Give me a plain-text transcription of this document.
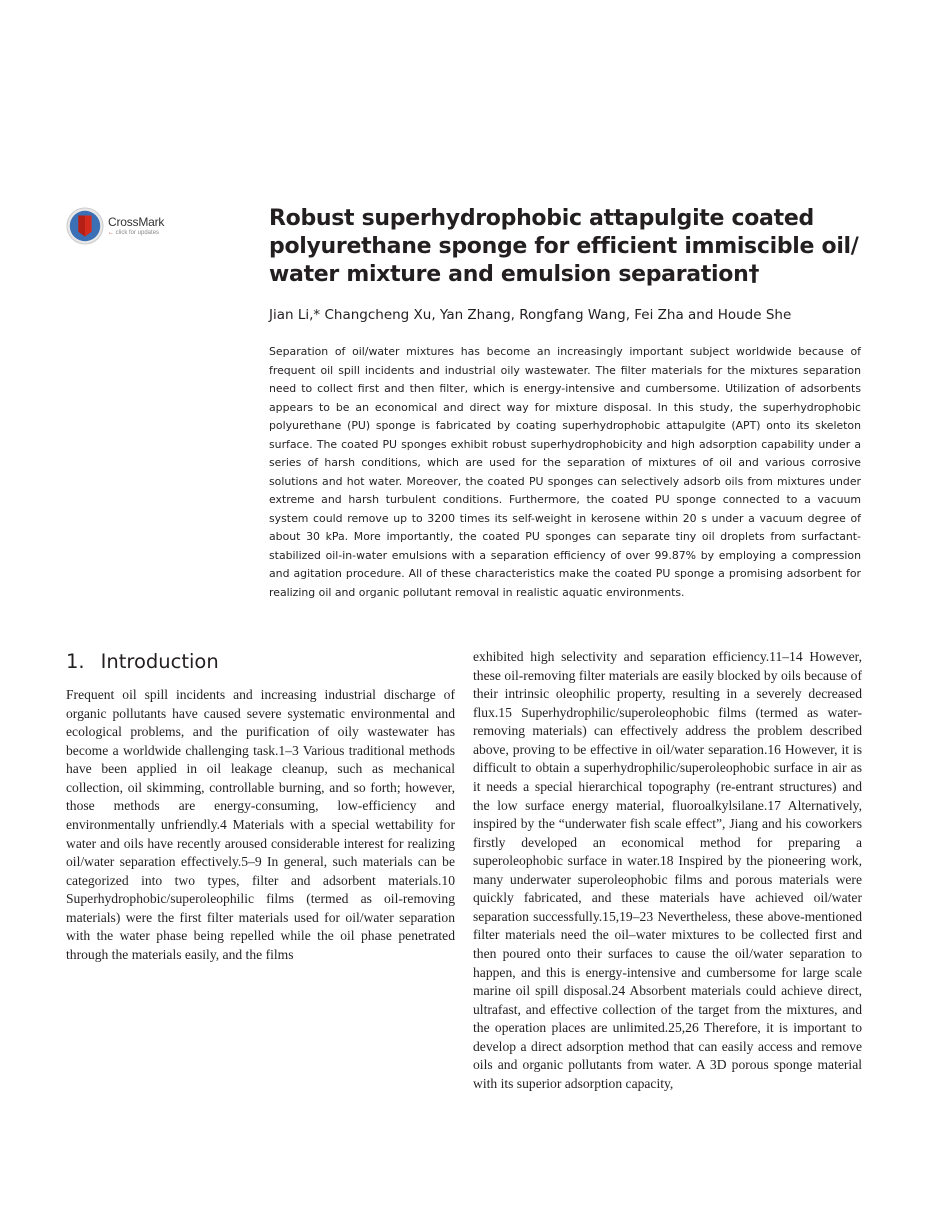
CrossMark
← click for updates
Robust superhydrophobic attapulgite coated polyurethane sponge for efficient immiscible oil/ water mixture and emulsion separation†
Jian Li,* Changcheng Xu, Yan Zhang, Rongfang Wang, Fei Zha and Houde She

Separation of oil/water mixtures has become an increasingly important subject worldwide because of frequent oil spill incidents and industrial oily wastewater. The filter materials for the mixtures separation need to collect first and then filter, which is energy-intensive and cumbersome. Utilization of adsorbents appears to be an economical and direct way for mixture disposal. In this study, the superhydrophobic polyurethane (PU) sponge is fabricated by coating superhydrophobic attapulgite (APT) onto its skeleton surface. The coated PU sponges exhibit robust superhydrophobicity and high adsorption capability under a series of harsh conditions, which are used for the separation of mixtures of oil and various corrosive solutions and hot water. Moreover, the coated PU sponges can selectively adsorb oils from mixtures under extreme and harsh turbulent conditions. Furthermore, the coated PU sponge connected to a vacuum system could remove up to 3200 times its self-weight in kerosene within 20 s under a vacuum degree of about 30 kPa. More importantly, the coated PU sponges can separate tiny oil droplets from surfactant-stabilized oil-in-water emulsions with a separation efficiency of over 99.87% by employing a compression and agitation procedure. All of these characteristics make the coated PU sponge a promising adsorbent for realizing oil and organic pollutant removal in realistic aquatic environments.

1. Introduction

Frequent oil spill incidents and increasing industrial discharge of organic pollutants have caused severe systematic environmental and ecological problems, and the purification of oily wastewater has become a worldwide challenging task.1–3 Various traditional methods have been applied in oil leakage cleanup, such as mechanical collection, oil skimming, controllable burning, and so forth; however, those methods are energy-consuming, low-efficiency and environmentally unfriendly.4 Materials with a special wettability for water and oils have recently aroused considerable interest for realizing oil/water separation effectively.5–9 In general, such materials can be categorized into two types, filter and adsorbent materials.10 Superhydrophobic/superoleophilic films (termed as oil-removing materials) were the first filter materials used for oil/water separation with the water phase being repelled while the oil phase penetrated through the materials easily, and the films

exhibited high selectivity and separation efficiency.11–14 However, these oil-removing filter materials are easily blocked by oils because of their intrinsic oleophilic property, resulting in a severely decreased flux.15 Superhydrophilic/superoleophobic films (termed as water-removing materials) can effectively address the problem described above, proving to be effective in oil/water separation.16 However, it is difficult to obtain a superhydrophilic/superoleophobic surface in air as it needs a special hierarchical topography (re-entrant structures) and the low surface energy material, fluoroalkylsilane.17 Alternatively, inspired by the “underwater fish scale effect”, Jiang and his coworkers firstly developed an economical method for preparing a superoleophobic surface in water.18 Inspired by the pioneering work, many underwater superoleophobic films and porous materials were quickly fabricated, and these materials have achieved oil/water separation successfully.15,19–23 Nevertheless, these above-mentioned filter materials need the oil–water mixtures to be collected first and then poured onto their surfaces to cause the oil/water separation to happen, and this is energy-intensive and cumbersome for large scale marine oil spill disposal.24 Absorbent materials could achieve direct, ultrafast, and effective collection of the target from the mixtures, and the operation places are unlimited.25,26 Therefore, it is important to develop a direct adsorption method that can easily access and remove oils and organic pollutants from water. A 3D porous sponge material with its superior adsorption capacity,
